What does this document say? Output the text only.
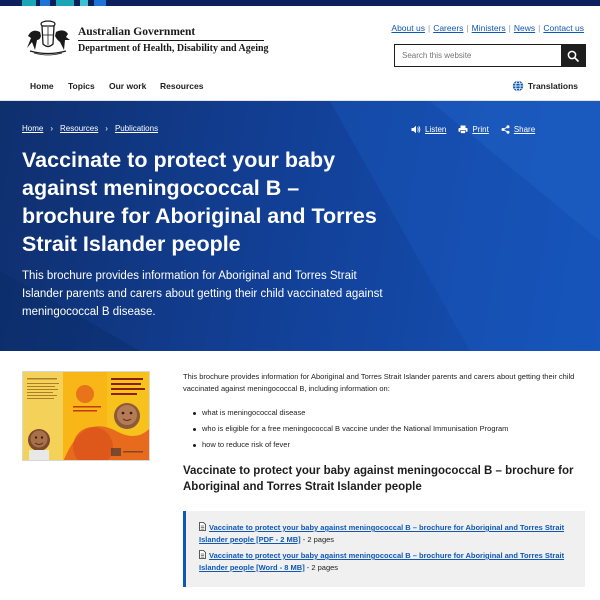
Australian Government
Department of Health, Disability and Ageing
About us | Careers | Ministers | News | Contact us
Search this website
Home Topics Our work Resources	Translations
Home › Resources › Publications	Listen	Print	Share
Vaccinate to protect your baby against meningococcal B – brochure for Aboriginal and Torres Strait Islander people

This brochure provides information for Aboriginal and Torres Strait Islander parents and carers about getting their child vaccinated against meningococcal B disease.

This brochure provides information for Aboriginal and Torres Strait Islander parents and carers about getting their child vaccinated against meningococcal B, including information on:

what is meningococcal disease
who is eligible for a free meningococcal B vaccine under the National Immunisation Program
how to reduce risk of fever
Vaccinate to protect your baby against meningococcal B – brochure for Aboriginal and Torres Strait Islander people
Vaccinate to protect your baby against meningococcal B – brochure for Aboriginal and Torres Strait Islander people [PDF - 2 MB] - 2 pages
Vaccinate to protect your baby against meningococcal B – brochure for Aboriginal and Torres Strait Islander people [Word - 8 MB] - 2 pages
